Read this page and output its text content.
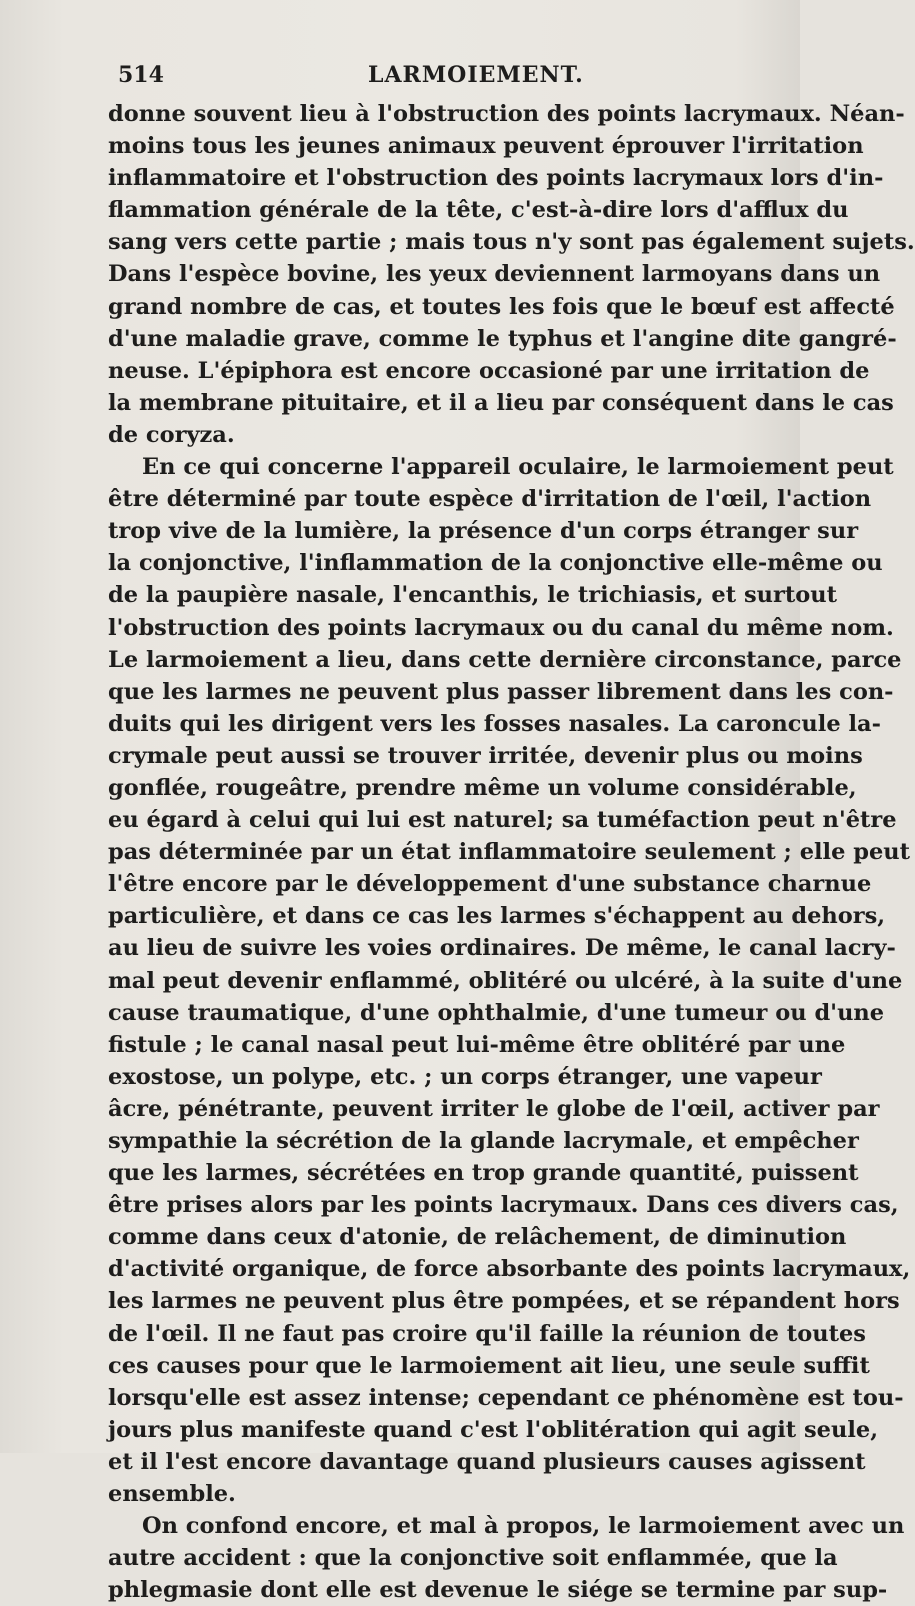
514	LARMOIEMENT.
donne souvent lieu à l'obstruction des points lacrymaux. Néan-
moins tous les jeunes animaux peuvent éprouver l'irritation
inflammatoire et l'obstruction des points lacrymaux lors d'in-
flammation générale de la tête, c'est-à-dire lors d'afflux du
sang vers cette partie ; mais tous n'y sont pas également sujets.
Dans l'espèce bovine, les yeux deviennent larmoyans dans un
grand nombre de cas, et toutes les fois que le bœuf est affecté
d'une maladie grave, comme le typhus et l'angine dite gangré-
neuse. L'épiphora est encore occasioné par une irritation de
la membrane pituitaire, et il a lieu par conséquent dans le cas
de coryza.
En ce qui concerne l'appareil oculaire, le larmoiement peut
être déterminé par toute espèce d'irritation de l'œil, l'action
trop vive de la lumière, la présence d'un corps étranger sur
la conjonctive, l'inflammation de la conjonctive elle-même ou
de la paupière nasale, l'encanthis, le trichiasis, et surtout
l'obstruction des points lacrymaux ou du canal du même nom.
Le larmoiement a lieu, dans cette dernière circonstance, parce
que les larmes ne peuvent plus passer librement dans les con-
duits qui les dirigent vers les fosses nasales. La caroncule la-
crymale peut aussi se trouver irritée, devenir plus ou moins
gonflée, rougeâtre, prendre même un volume considérable,
eu égard à celui qui lui est naturel; sa tuméfaction peut n'être
pas déterminée par un état inflammatoire seulement ; elle peut
l'être encore par le développement d'une substance charnue
particulière, et dans ce cas les larmes s'échappent au dehors,
au lieu de suivre les voies ordinaires. De même, le canal lacry-
mal peut devenir enflammé, oblitéré ou ulcéré, à la suite d'une
cause traumatique, d'une ophthalmie, d'une tumeur ou d'une
fistule ; le canal nasal peut lui-même être oblitéré par une
exostose, un polype, etc. ; un corps étranger, une vapeur
âcre, pénétrante, peuvent irriter le globe de l'œil, activer par
sympathie la sécrétion de la glande lacrymale, et empêcher
que les larmes, sécrétées en trop grande quantité, puissent
être prises alors par les points lacrymaux. Dans ces divers cas,
comme dans ceux d'atonie, de relâchement, de diminution
d'activité organique, de force absorbante des points lacrymaux,
les larmes ne peuvent plus être pompées, et se répandent hors
de l'œil. Il ne faut pas croire qu'il faille la réunion de toutes
ces causes pour que le larmoiement ait lieu, une seule suffit
lorsqu'elle est assez intense; cependant ce phénomène est tou-
jours plus manifeste quand c'est l'oblitération qui agit seule,
et il l'est encore davantage quand plusieurs causes agissent
ensemble.
On confond encore, et mal à propos, le larmoiement avec un
autre accident : que la conjonctive soit enflammée, que la
phlegmasie dont elle est devenue le siége se termine par sup-
